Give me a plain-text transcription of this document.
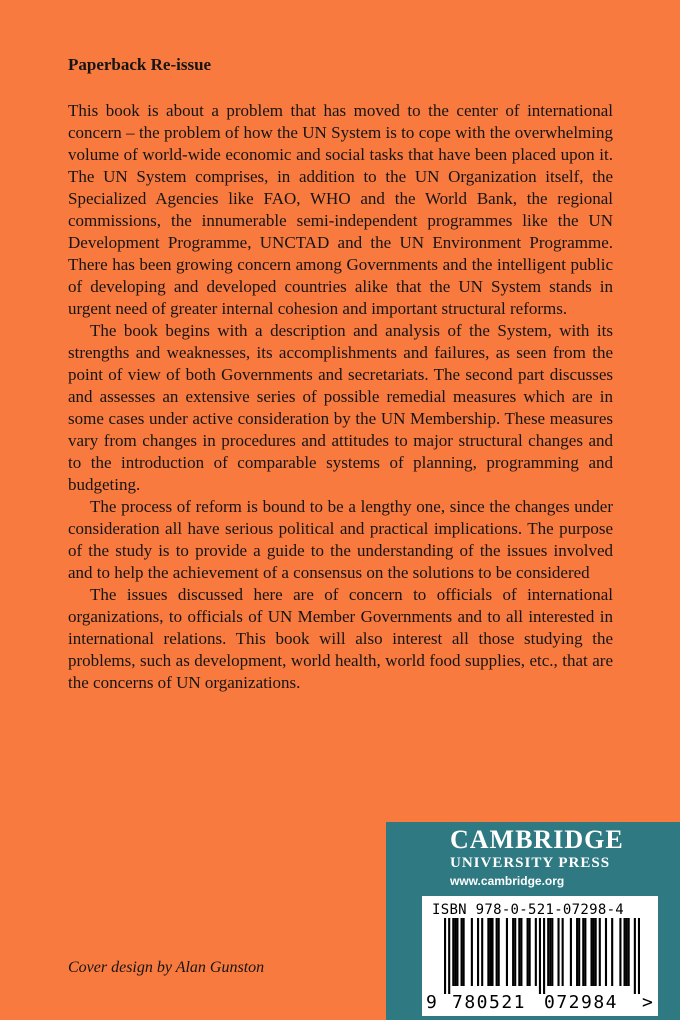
Paperback Re-issue

This book is about a problem that has moved to the center of international concern – the problem of how the UN System is to cope with the overwhelming volume of world-wide economic and social tasks that have been placed upon it. The UN System comprises, in addition to the UN Organization itself, the Specialized Agencies like FAO, WHO and the World Bank, the regional commissions, the innumerable semi-independent programmes like the UN Development Programme, UNCTAD and the UN Environment Programme. There has been growing concern among Governments and the intelligent public of developing and developed countries alike that the UN System stands in urgent need of greater internal cohesion and important structural reforms.

The book begins with a description and analysis of the System, with its strengths and weaknesses, its accomplishments and failures, as seen from the point of view of both Governments and secretariats. The second part discusses and assesses an extensive series of possible remedial measures which are in some cases under active consideration by the UN Membership. These measures vary from changes in procedures and attitudes to major structural changes and to the introduction of comparable systems of planning, programming and budgeting.

The process of reform is bound to be a lengthy one, since the changes under consideration all have serious political and practical implications. The purpose of the study is to provide a guide to the understanding of the issues involved and to help the achievement of a consensus on the solutions to be considered

The issues discussed here are of concern to officials of international organizations, to officials of UN Member Governments and to all interested in international relations. This book will also interest all those studying the problems, such as development, world health, world food supplies, etc., that are the concerns of UN organizations.

Cover design by Alan Gunston

CAMBRIDGE

UNIVERSITY PRESS

www.cambridge.org

ISBN 978-0-521-07298-4

9 780521 072984 >
